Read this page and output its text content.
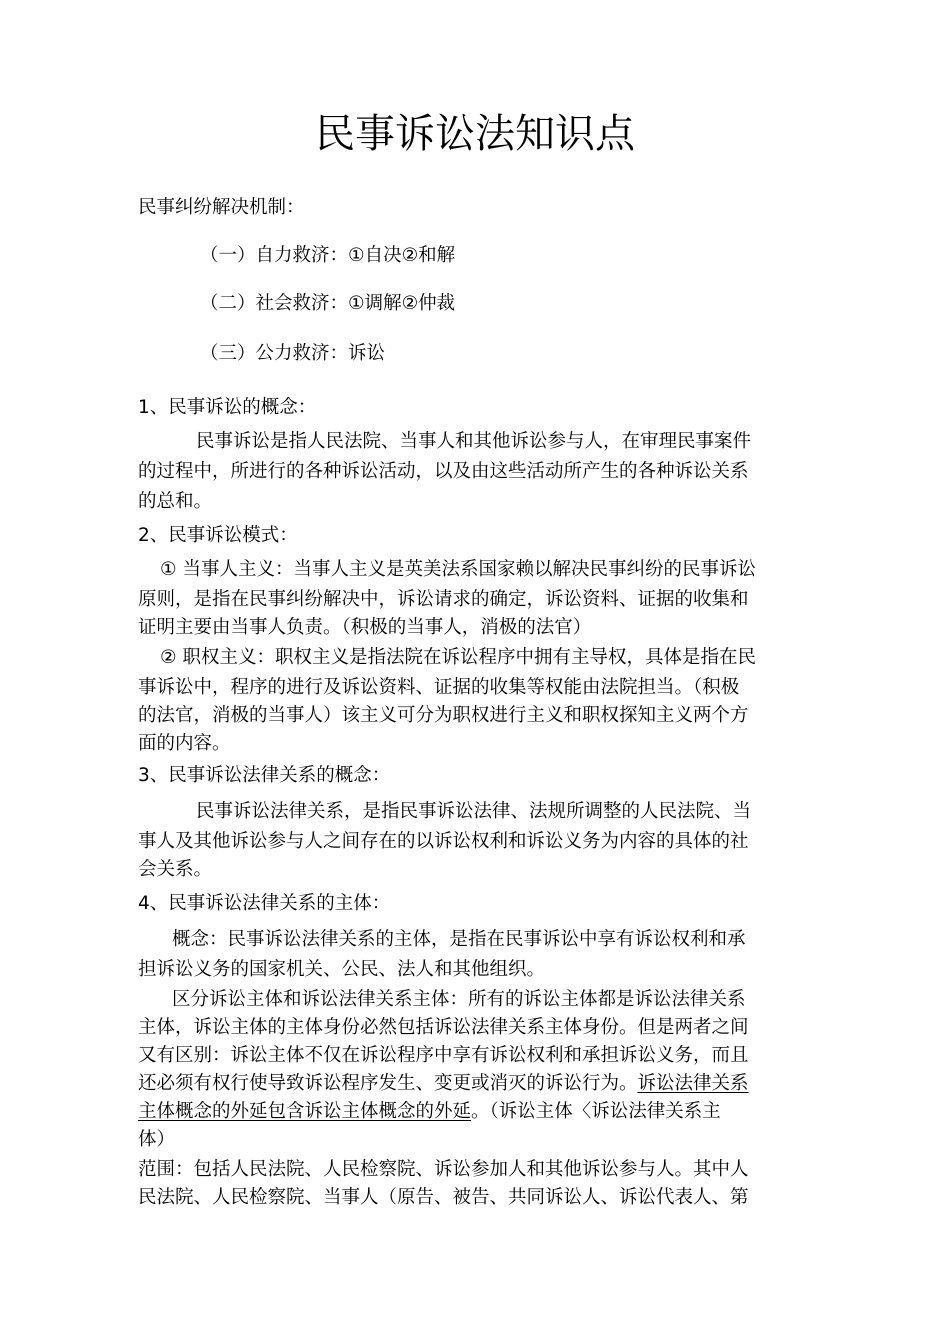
民事诉讼法知识点
民事纠纷解决机制：
（一）自力救济：①自决②和解
（二）社会救济：①调解②仲裁
（三）公力救济：诉讼
1、民事诉讼的概念：
民事诉讼是指人民法院、当事人和其他诉讼参与人，在审理民事案件
的过程中，所进行的各种诉讼活动，以及由这些活动所产生的各种诉讼关系
的总和。
2、民事诉讼模式：
① 当事人主义：当事人主义是英美法系国家赖以解决民事纠纷的民事诉讼
原则，是指在民事纠纷解决中，诉讼请求的确定，诉讼资料、证据的收集和
证明主要由当事人负责。（积极的当事人，消极的法官）
② 职权主义：职权主义是指法院在诉讼程序中拥有主导权，具体是指在民
事诉讼中，程序的进行及诉讼资料、证据的收集等权能由法院担当。（积极
的法官，消极的当事人）该主义可分为职权进行主义和职权探知主义两个方
面的内容。
3、民事诉讼法律关系的概念：
民事诉讼法律关系，是指民事诉讼法律、法规所调整的人民法院、当
事人及其他诉讼参与人之间存在的以诉讼权利和诉讼义务为内容的具体的社
会关系。
4、民事诉讼法律关系的主体：
概念：民事诉讼法律关系的主体，是指在民事诉讼中享有诉讼权利和承
担诉讼义务的国家机关、公民、法人和其他组织。
区分诉讼主体和诉讼法律关系主体：所有的诉讼主体都是诉讼法律关系
主体，诉讼主体的主体身份必然包括诉讼法律关系主体身份。但是两者之间
又有区别：诉讼主体不仅在诉讼程序中享有诉讼权利和承担诉讼义务，而且
还必须有权行使导致诉讼程序发生、变更或消灭的诉讼行为。诉讼法律关系
主体概念的外延包含诉讼主体概念的外延。（诉讼主体〈诉讼法律关系主
体）
范围：包括人民法院、人民检察院、诉讼参加人和其他诉讼参与人。其中人
民法院、人民检察院、当事人（原告、被告、共同诉讼人、诉讼代表人、第
